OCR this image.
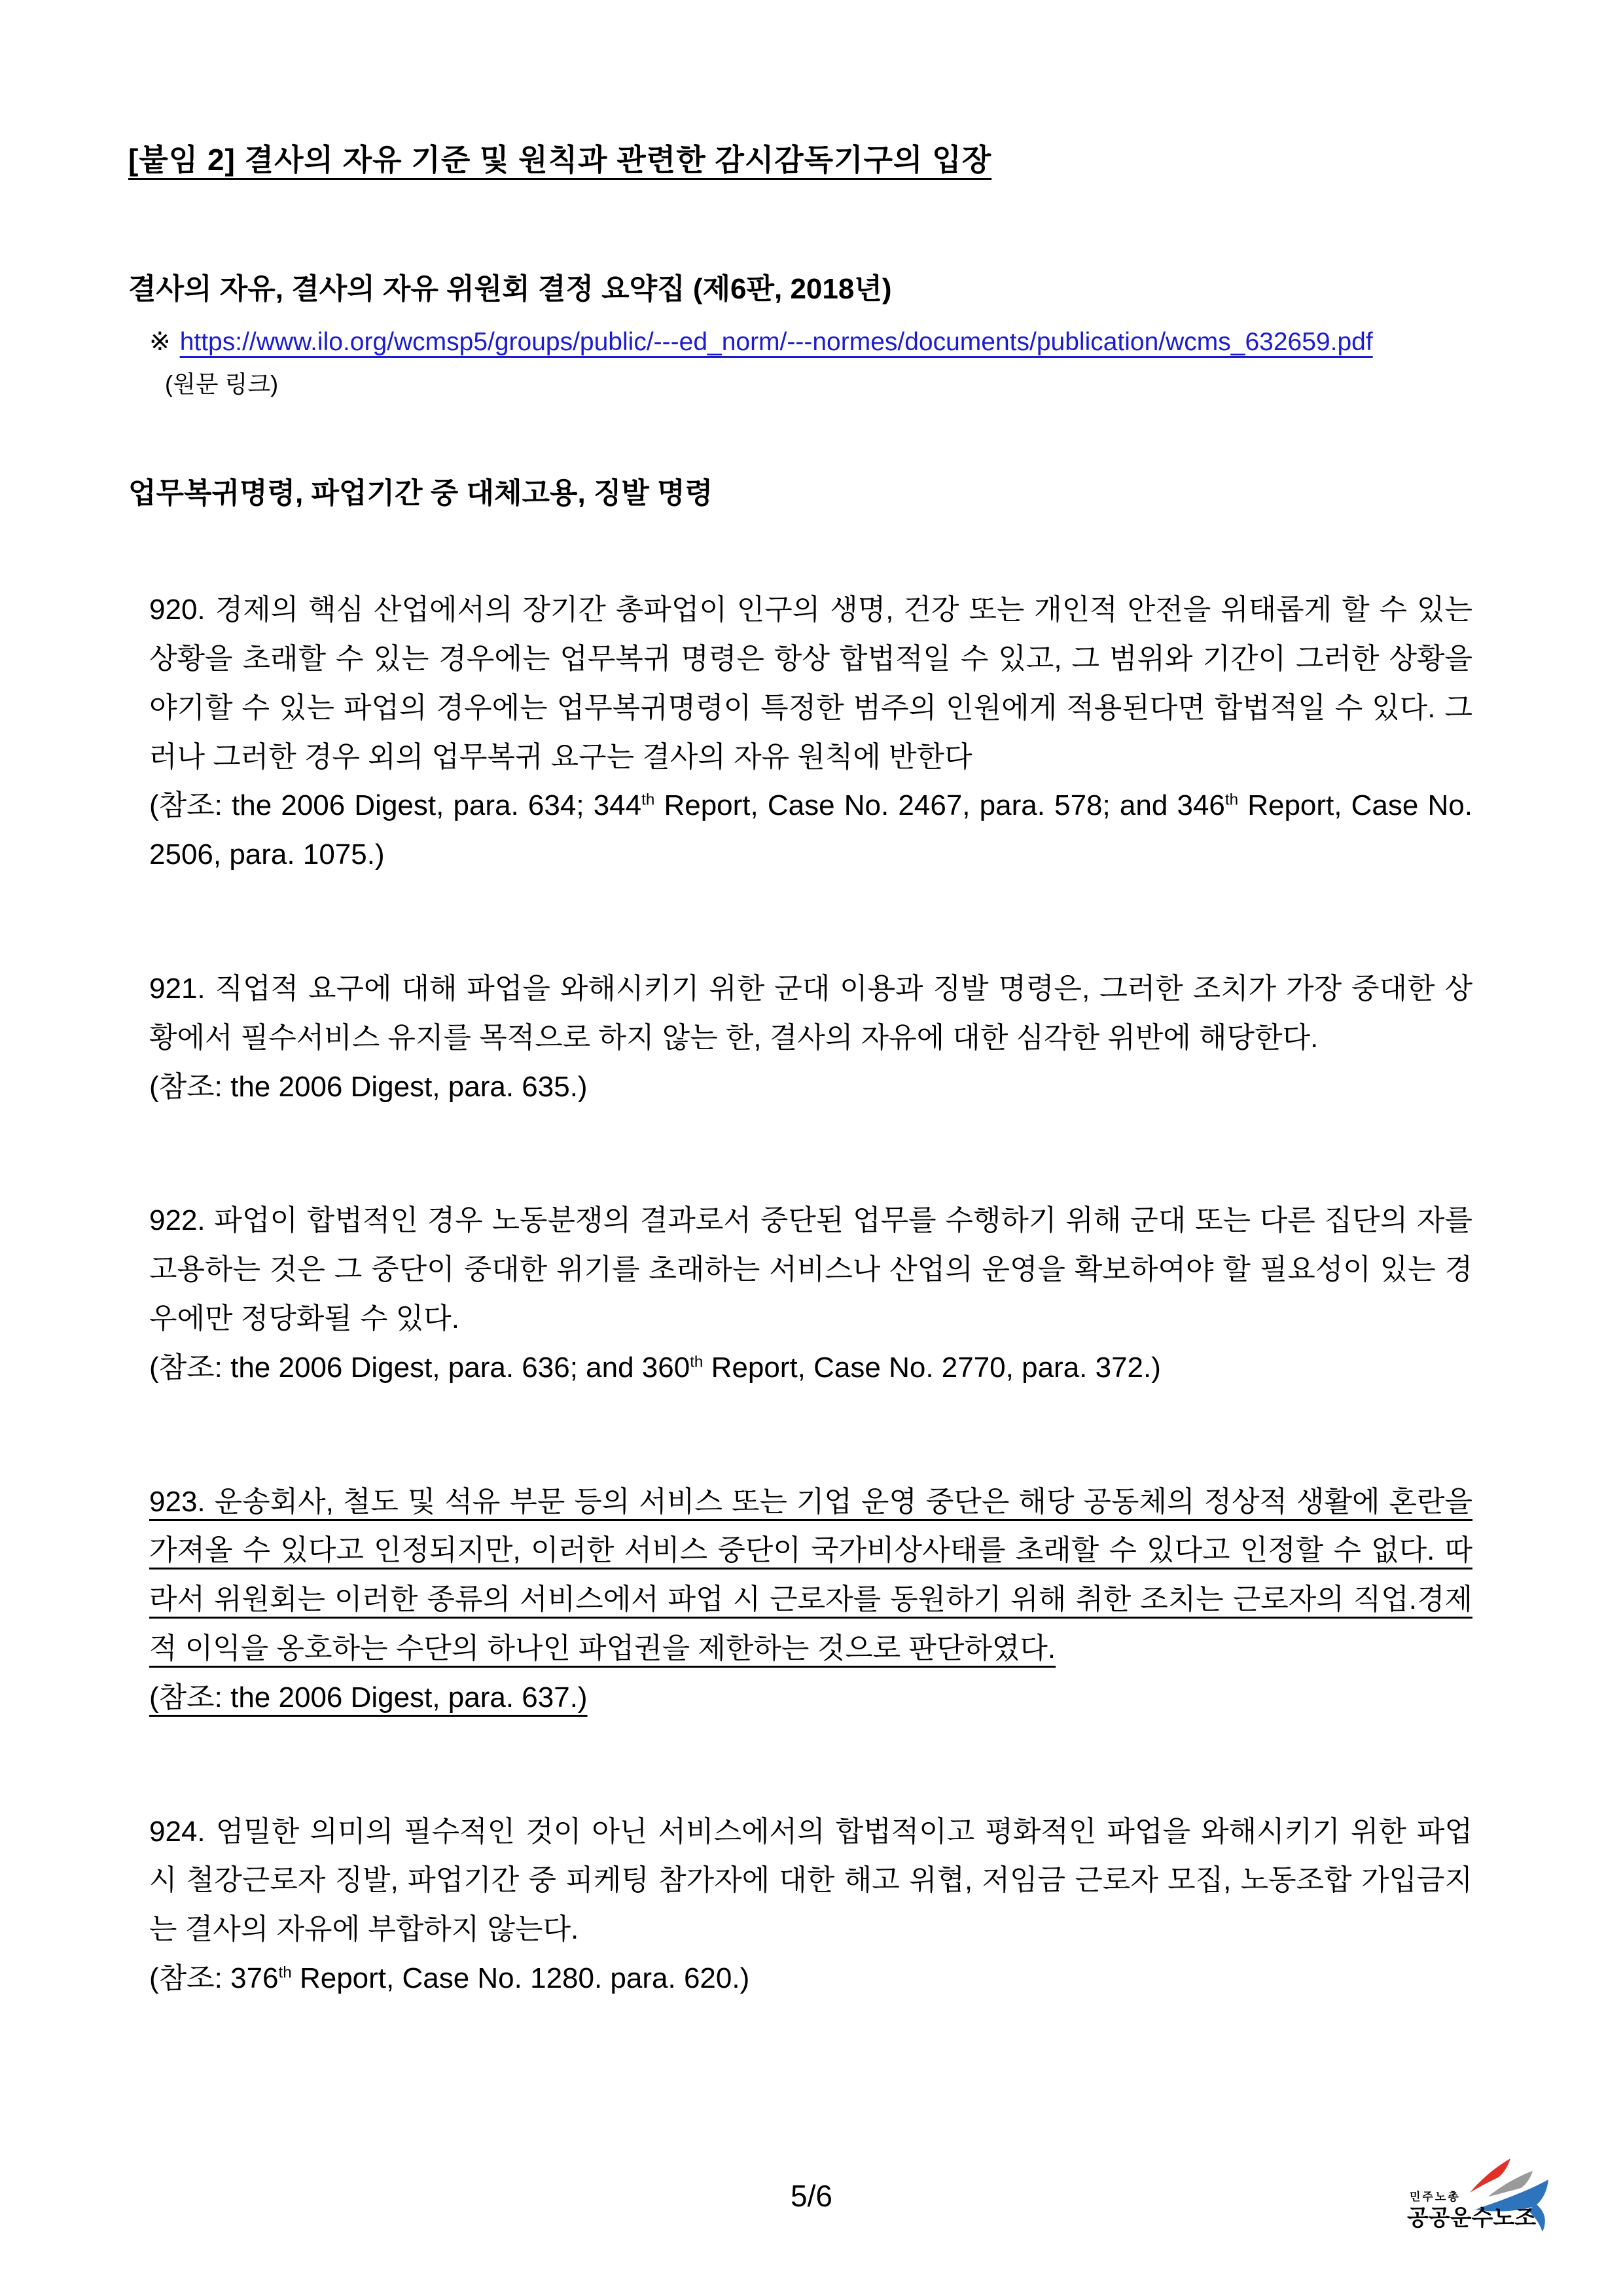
[붙임 2] 결사의 자유 기준 및 원칙과 관련한 감시감독기구의 입장
결사의 자유, 결사의 자유 위원회 결정 요약집 (제6판, 2018년)
※ https://www.ilo.org/wcmsp5/groups/public/---ed_norm/---normes/documents/publication/wcms_632659.pdf
(원문 링크)
업무복귀명령, 파업기간 중 대체고용, 징발 명령
920. 경제의 핵심 산업에서의 장기간 총파업이 인구의 생명, 건강 또는 개인적 안전을 위태롭게 할 수 있는 상황을 초래할 수 있는 경우에는 업무복귀 명령은 항상 합법적일 수 있고, 그 범위와 기간이 그러한 상황을 야기할 수 있는 파업의 경우에는 업무복귀명령이 특정한 범주의 인원에게 적용된다면 합법적일 수 있다. 그러나 그러한 경우 외의 업무복귀 요구는 결사의 자유 원칙에 반한다
(참조: the 2006 Digest, para. 634; 344th Report, Case No. 2467, para. 578; and 346th Report, Case No. 2506, para. 1075.)
921. 직업적 요구에 대해 파업을 와해시키기 위한 군대 이용과 징발 명령은, 그러한 조치가 가장 중대한 상황에서 필수서비스 유지를 목적으로 하지 않는 한, 결사의 자유에 대한 심각한 위반에 해당한다.
(참조: the 2006 Digest, para. 635.)
922. 파업이 합법적인 경우 노동분쟁의 결과로서 중단된 업무를 수행하기 위해 군대 또는 다른 집단의 자를 고용하는 것은 그 중단이 중대한 위기를 초래하는 서비스나 산업의 운영을 확보하여야 할 필요성이 있는 경우에만 정당화될 수 있다.
(참조: the 2006 Digest, para. 636; and 360th Report, Case No. 2770, para. 372.)
923. 운송회사, 철도 및 석유 부문 등의 서비스 또는 기업 운영 중단은 해당 공동체의 정상적 생활에 혼란을 가져올 수 있다고 인정되지만, 이러한 서비스 중단이 국가비상사태를 초래할 수 있다고 인정할 수 없다. 따라서 위원회는 이러한 종류의 서비스에서 파업 시 근로자를 동원하기 위해 취한 조치는 근로자의 직업.경제적 이익을 옹호하는 수단의 하나인 파업권을 제한하는 것으로 판단하였다.
(참조: the 2006 Digest, para. 637.)
924. 엄밀한 의미의 필수적인 것이 아닌 서비스에서의 합법적이고 평화적인 파업을 와해시키기 위한 파업 시 철강근로자 징발, 파업기간 중 피케팅 참가자에 대한 해고 위협, 저임금 근로자 모집, 노동조합 가입금지는 결사의 자유에 부합하지 않는다.
(참조: 376th Report, Case No. 1280. para. 620.)
5/6	민주노총
공공운수노조
